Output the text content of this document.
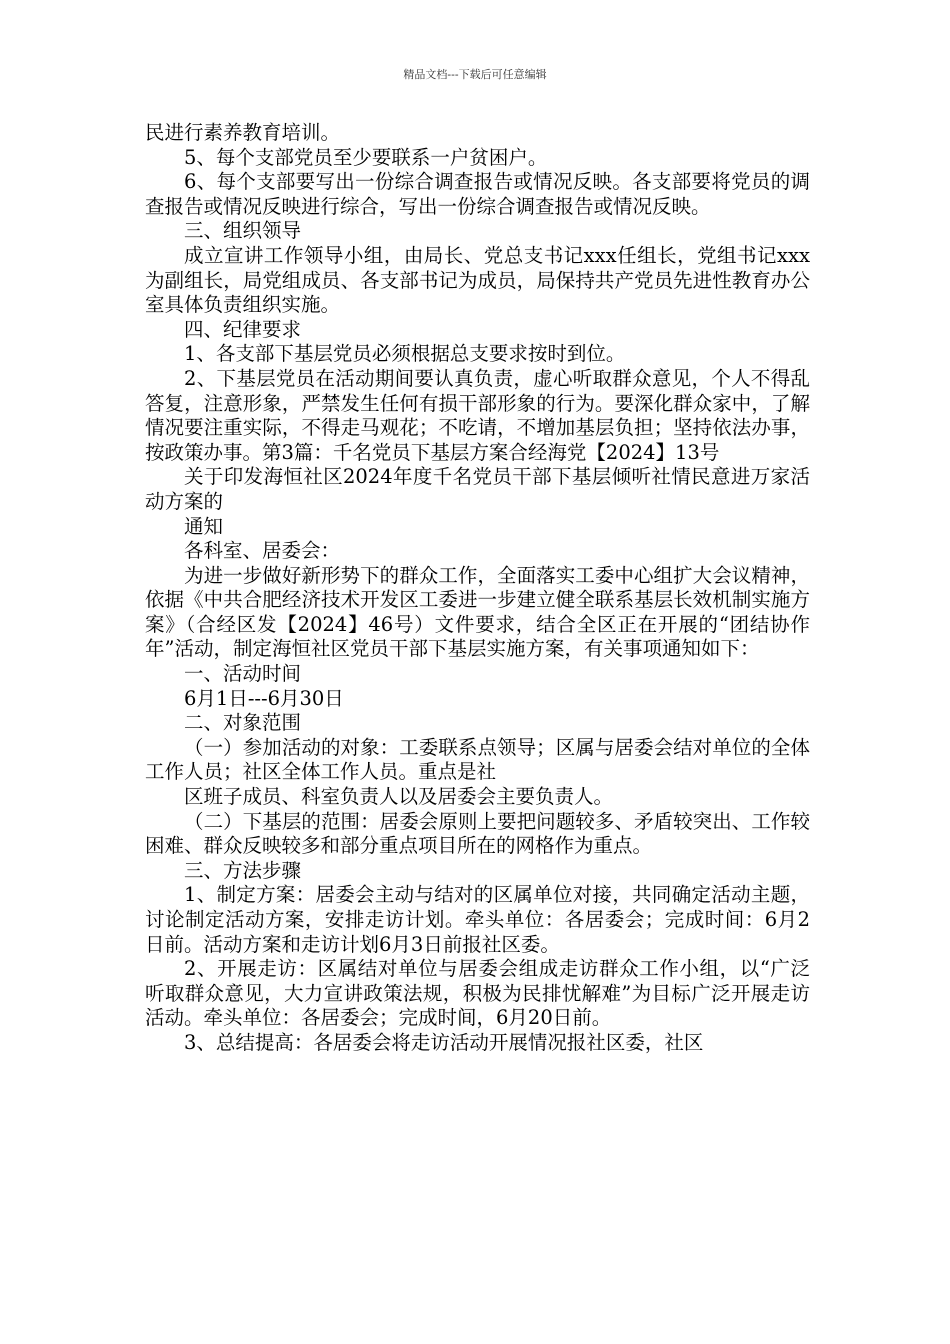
精品文档---下载后可任意编辑

民进行素养教育培训。

5、每个支部党员至少要联系一户贫困户。

6、每个支部要写出一份综合调查报告或情况反映。各支部要将党员的调查报告或情况反映进行综合，写出一份综合调查报告或情况反映。

三、组织领导

成立宣讲工作领导小组，由局长、党总支书记xxx任组长，党组书记xxx为副组长，局党组成员、各支部书记为成员，局保持共产党员先进性教育办公室具体负责组织实施。

四、纪律要求

1、各支部下基层党员必须根据总支要求按时到位。

2、下基层党员在活动期间要认真负责，虚心听取群众意见，个人不得乱答复，注意形象，严禁发生任何有损干部形象的行为。要深化群众家中，了解情况要注重实际，不得走马观花；不吃请，不增加基层负担；坚持依法办事，按政策办事。第3篇：千名党员下基层方案合经海党【2024】13号

关于印发海恒社区2024年度千名党员干部下基层倾听社情民意进万家活动方案的

通知

各科室、居委会：

为进一步做好新形势下的群众工作，全面落实工委中心组扩大会议精神，依据《中共合肥经济技术开发区工委进一步建立健全联系基层长效机制实施方案》（合经区发【2024】46号）文件要求，结合全区正在开展的“团结协作年”活动，制定海恒社区党员干部下基层实施方案，有关事项通知如下：

一、活动时间

6月1日---6月30日

二、对象范围

（一）参加活动的对象：工委联系点领导；区属与居委会结对单位的全体工作人员；社区全体工作人员。重点是社

区班子成员、科室负责人以及居委会主要负责人。

（二）下基层的范围：居委会原则上要把问题较多、矛盾较突出、工作较困难、群众反映较多和部分重点项目所在的网格作为重点。

三、方法步骤

1、制定方案：居委会主动与结对的区属单位对接，共同确定活动主题，讨论制定活动方案，安排走访计划。牵头单位：各居委会；完成时间：6月2日前。活动方案和走访计划6月3日前报社区委。

2、开展走访：区属结对单位与居委会组成走访群众工作小组，以“广泛听取群众意见，大力宣讲政策法规，积极为民排忧解难”为目标广泛开展走访活动。牵头单位：各居委会；完成时间，6月20日前。

3、总结提高：各居委会将走访活动开展情况报社区委，社区
